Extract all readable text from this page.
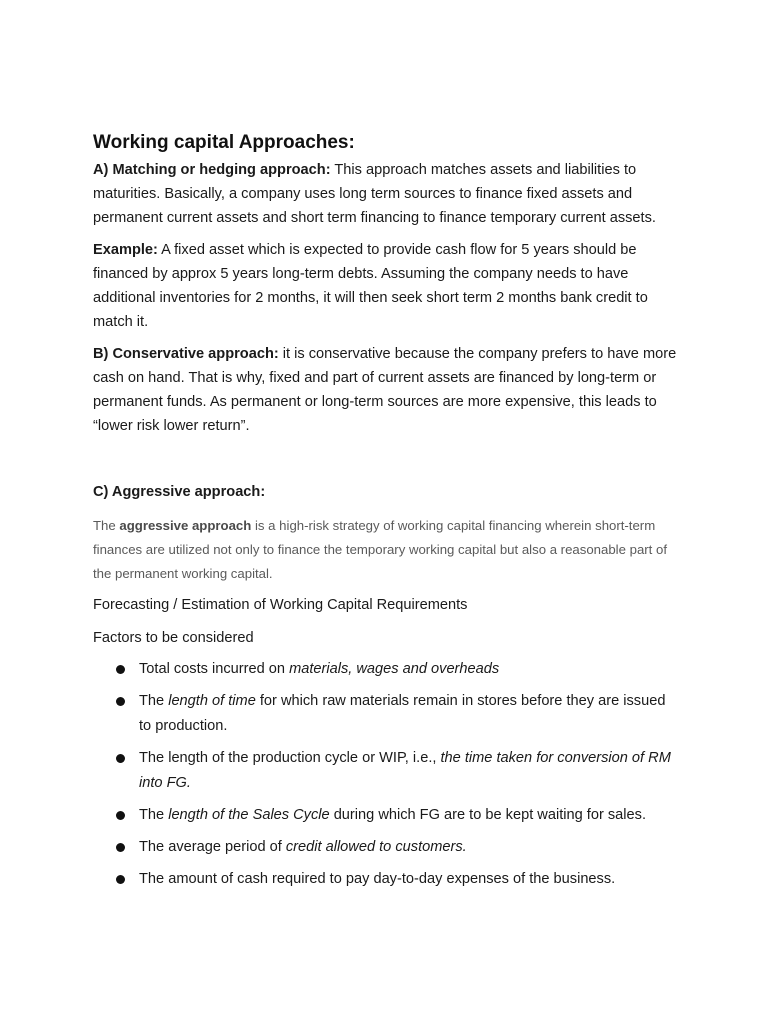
Working capital Approaches:

A) Matching or hedging approach: This approach matches assets and liabilities to maturities. Basically, a company uses long term sources to finance fixed assets and permanent current assets and short term financing to finance temporary current assets.

Example: A fixed asset which is expected to provide cash flow for 5 years should be financed by approx 5 years long-term debts. Assuming the company needs to have additional inventories for 2 months, it will then seek short term 2 months bank credit to match it.

B) Conservative approach: it is conservative because the company prefers to have more cash on hand. That is why, fixed and part of current assets are financed by long-term or permanent funds. As permanent or long-term sources are more expensive, this leads to “lower risk lower return”.

C) Aggressive approach:

The aggressive approach is a high-risk strategy of working capital financing wherein short-term finances are utilized not only to finance the temporary working capital but also a reasonable part of the permanent working capital.

Forecasting / Estimation of Working Capital Requirements

Factors to be considered

Total costs incurred on materials, wages and overheads
The length of time for which raw materials remain in stores before they are issued to production.
The length of the production cycle or WIP, i.e., the time taken for conversion of RM into FG.
The length of the Sales Cycle during which FG are to be kept waiting for sales.
The average period of credit allowed to customers.
The amount of cash required to pay day-to-day expenses of the business.
